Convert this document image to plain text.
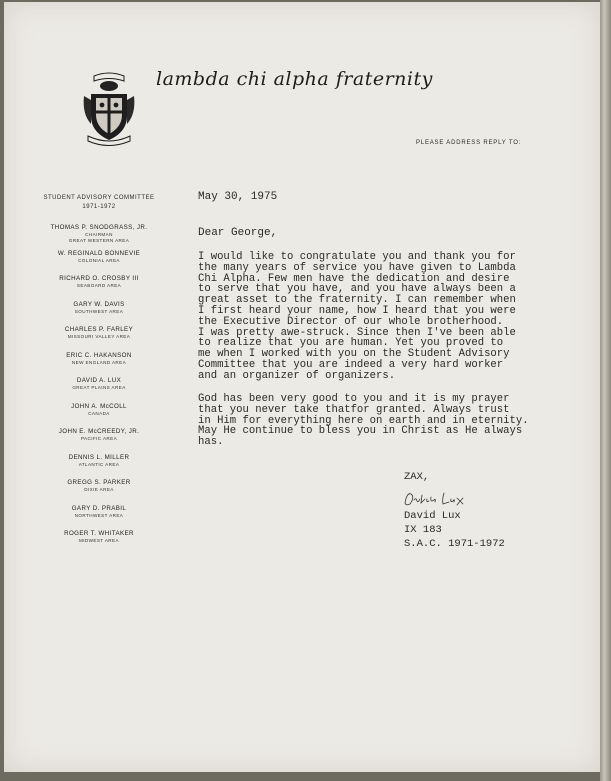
lambda chi alpha fraternity
PLEASE ADDRESS REPLY TO:
STUDENT ADVISORY COMMITTEE
1971-1972
THOMAS P. SNODGRASS, JR.
CHAIRMAN
GREAT WESTERN AREA
W. REGINALD BONNEVIE
COLONIAL AREA
RICHARD O. CROSBY III
SEABOARD AREA
GARY W. DAVIS
SOUTHWEST AREA
CHARLES P. FARLEY
MISSOURI VALLEY AREA
ERIC C. HAKANSON
NEW ENGLAND AREA
DAVID A. LUX
GREAT PLAINS AREA
JOHN A. McCOLL
CANADA
JOHN E. McCREEDY, JR.
PACIFIC AREA
DENNIS L. MILLER
ATLANTIC AREA
GREGG S. PARKER
DIXIE AREA
GARY D. PRABIL
NORTHWEST AREA
ROGER T. WHITAKER
MIDWEST AREA
May 30, 1975
Dear George,
I would like to congratulate you and thank you for
the many years of service you have given to Lambda
Chi Alpha. Few men have the dedication and desire
to serve that you have, and you have always been a
great asset to the fraternity. I can remember when
I first heard your name, how I heard that you were
the Executive Director of our whole brotherhood.
I was pretty awe-struck. Since then I've been able
to realize that you are human. Yet you proved to
me when I worked with you on the Student Advisory
Committee that you are indeed a very hard worker
and an organizer of organizers.
God has been very good to you and it is my prayer
that you never take thatfor granted. Always trust
in Him for everything here on earth and in eternity.
May He continue to bless you in Christ as He always
has.
ZAX,
David Lux
IX 183
S.A.C. 1971-1972
